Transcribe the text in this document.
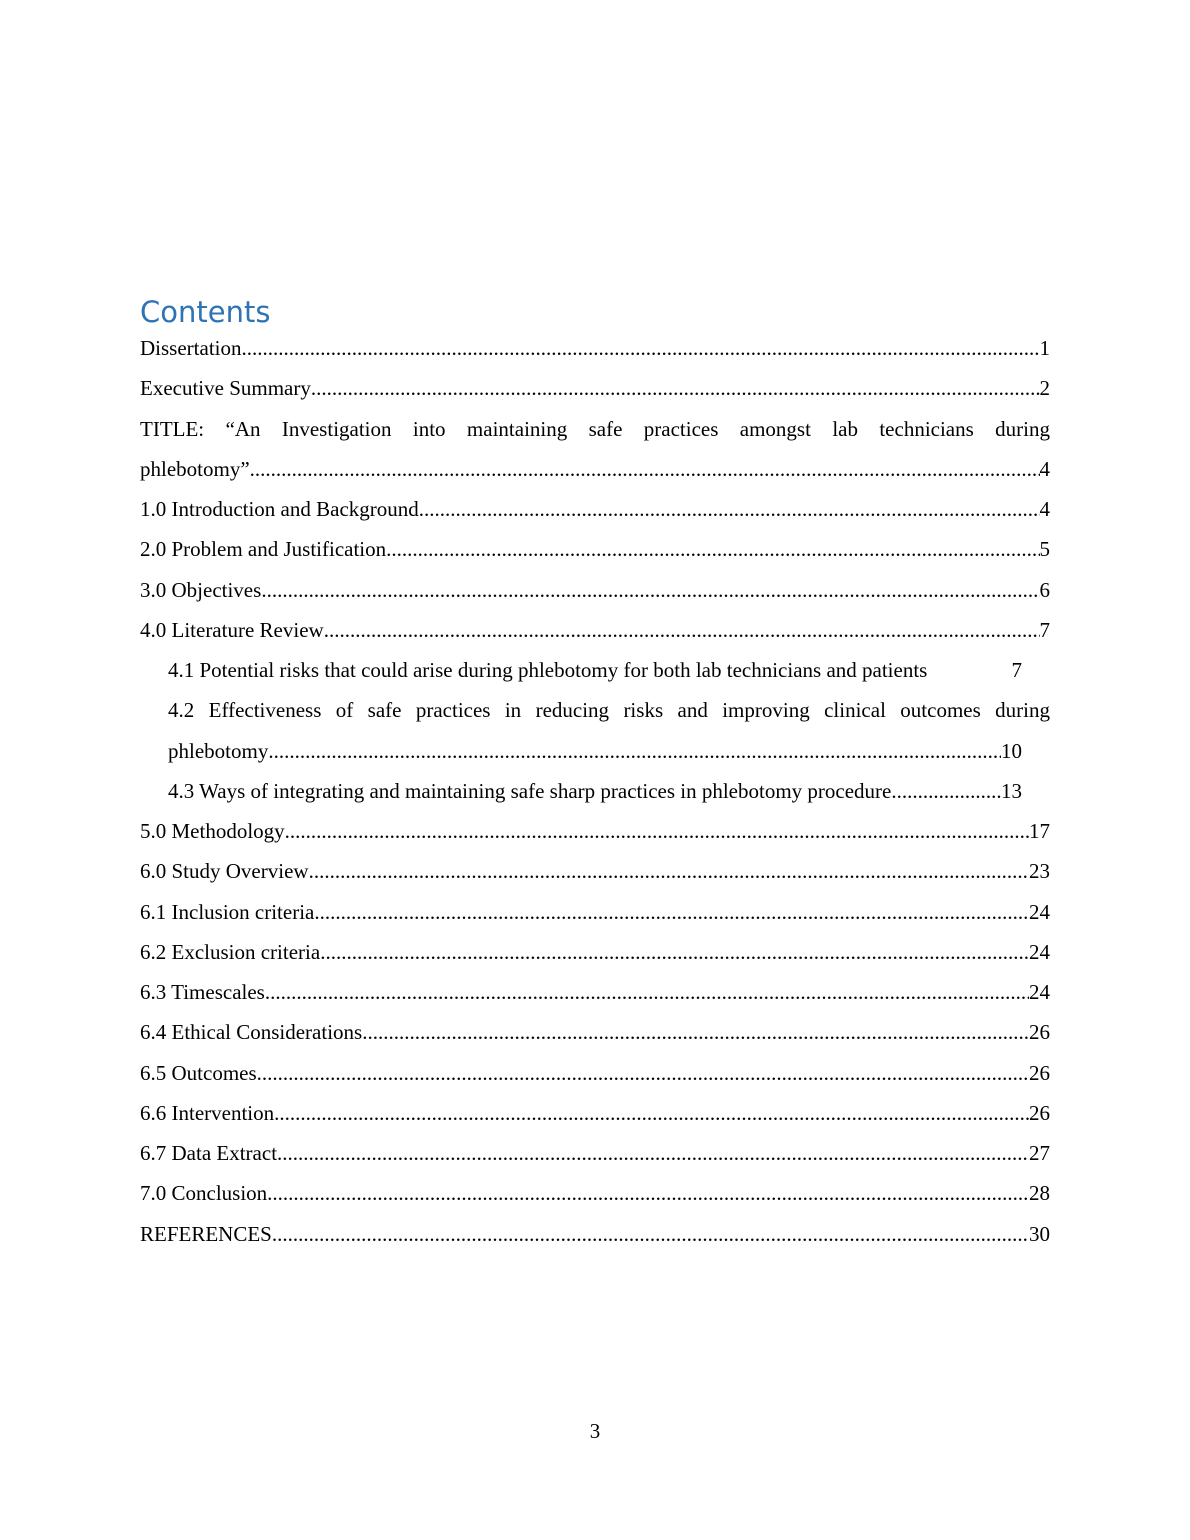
Contents
Dissertation .....	1
Executive Summary .....	2
TITLE: “An Investigation into maintaining safe practices amongst lab technicians during
phlebotomy” .....	4
1.0 Introduction and Background .....	4
2.0 Problem and Justification .....	5
3.0 Objectives .....	6
4.0 Literature Review .....	7
4.1 Potential risks that could arise during phlebotomy for both lab technicians and patients	7
4.2 Effectiveness of safe practices in reducing risks and improving clinical outcomes during
phlebotomy .....	10
4.3 Ways of integrating and maintaining safe sharp practices in phlebotomy procedure .....	13
5.0 Methodology .....	17
6.0 Study Overview .....	23
6.1 Inclusion criteria .....	24
6.2 Exclusion criteria .....	24
6.3 Timescales .....	24
6.4 Ethical Considerations .....	26
6.5 Outcomes .....	26
6.6 Intervention .....	26
6.7 Data Extract .....	27
7.0 Conclusion .....	28
REFERENCES .....	30
3
